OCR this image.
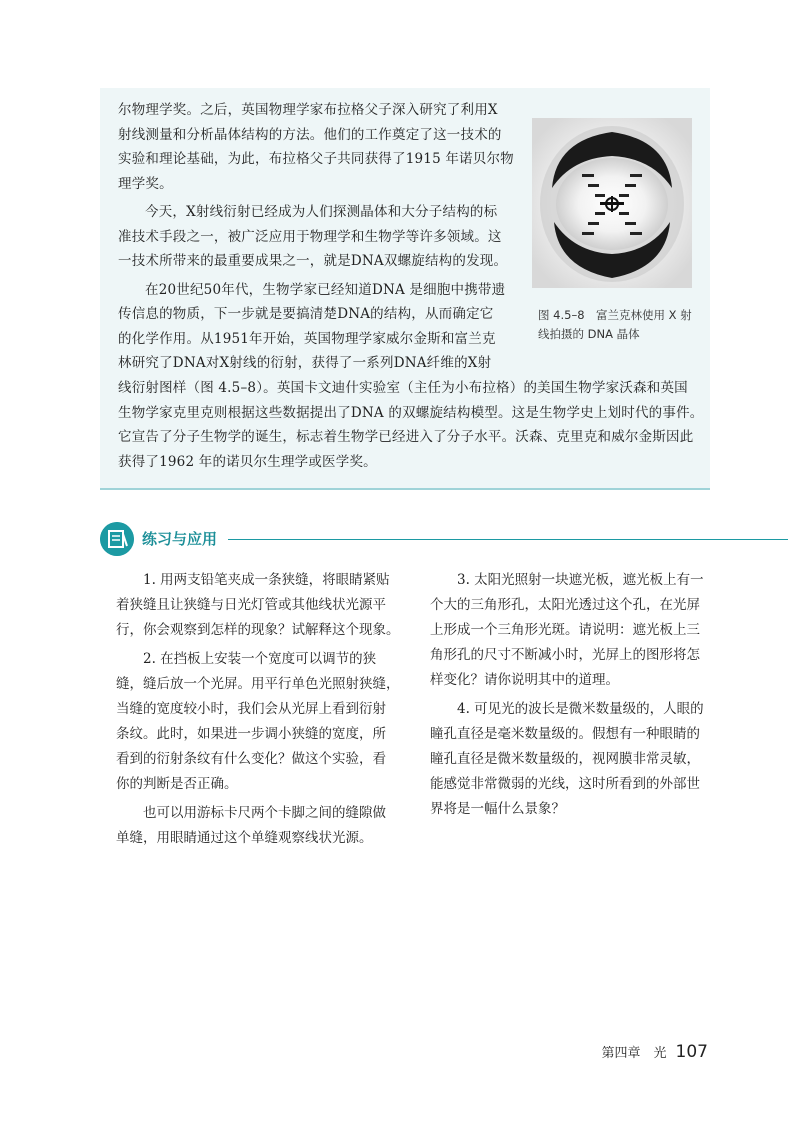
尔物理学奖。之后，英国物理学家布拉格父子深入研究了利用X
射线测量和分析晶体结构的方法。他们的工作奠定了这一技术的
实验和理论基础，为此，布拉格父子共同获得了1915 年诺贝尔物
理学奖。

今天，X射线衍射已经成为人们探测晶体和大分子结构的标
准技术手段之一，被广泛应用于物理学和生物学等许多领域。这
一技术所带来的最重要成果之一，就是DNA双螺旋结构的发现。

在20世纪50年代，生物学家已经知道DNA 是细胞中携带遗
传信息的物质，下一步就是要搞清楚DNA的结构，从而确定它
的化学作用。从1951年开始，英国物理学家威尔金斯和富兰克
林研究了DNA对X射线的衍射，获得了一系列DNA纤维的X射

线衍射图样（图 4.5–8）。英国卡文迪什实验室（主任为小布拉格）的美国生物学家沃森和英国
生物学家克里克则根据这些数据提出了DNA 的双螺旋结构模型。这是生物学史上划时代的事件。
它宣告了分子生物学的诞生，标志着生物学已经进入了分子水平。沃森、克里克和威尔金斯因此
获得了1962 年的诺贝尔生理学或医学奖。

图 4.5–8　富兰克林使用 X 射
线拍摄的 DNA 晶体
练习与应用

1. 用两支铅笔夹成一条狭缝，将眼睛紧贴
着狭缝且让狭缝与日光灯管或其他线状光源平
行，你会观察到怎样的现象？试解释这个现象。

2. 在挡板上安装一个宽度可以调节的狭
缝，缝后放一个光屏。用平行单色光照射狭缝，
当缝的宽度较小时，我们会从光屏上看到衍射
条纹。此时，如果进一步调小狭缝的宽度，所
看到的衍射条纹有什么变化？做这个实验，看
你的判断是否正确。

也可以用游标卡尺两个卡脚之间的缝隙做
单缝，用眼睛通过这个单缝观察线状光源。

3. 太阳光照射一块遮光板，遮光板上有一
个大的三角形孔，太阳光透过这个孔，在光屏
上形成一个三角形光斑。请说明：遮光板上三
角形孔的尺寸不断减小时，光屏上的图形将怎
样变化？请你说明其中的道理。

4. 可见光的波长是微米数量级的，人眼的
瞳孔直径是毫米数量级的。假想有一种眼睛的
瞳孔直径是微米数量级的，视网膜非常灵敏，
能感觉非常微弱的光线，这时所看到的外部世
界将是一幅什么景象？

第四章　光 107
